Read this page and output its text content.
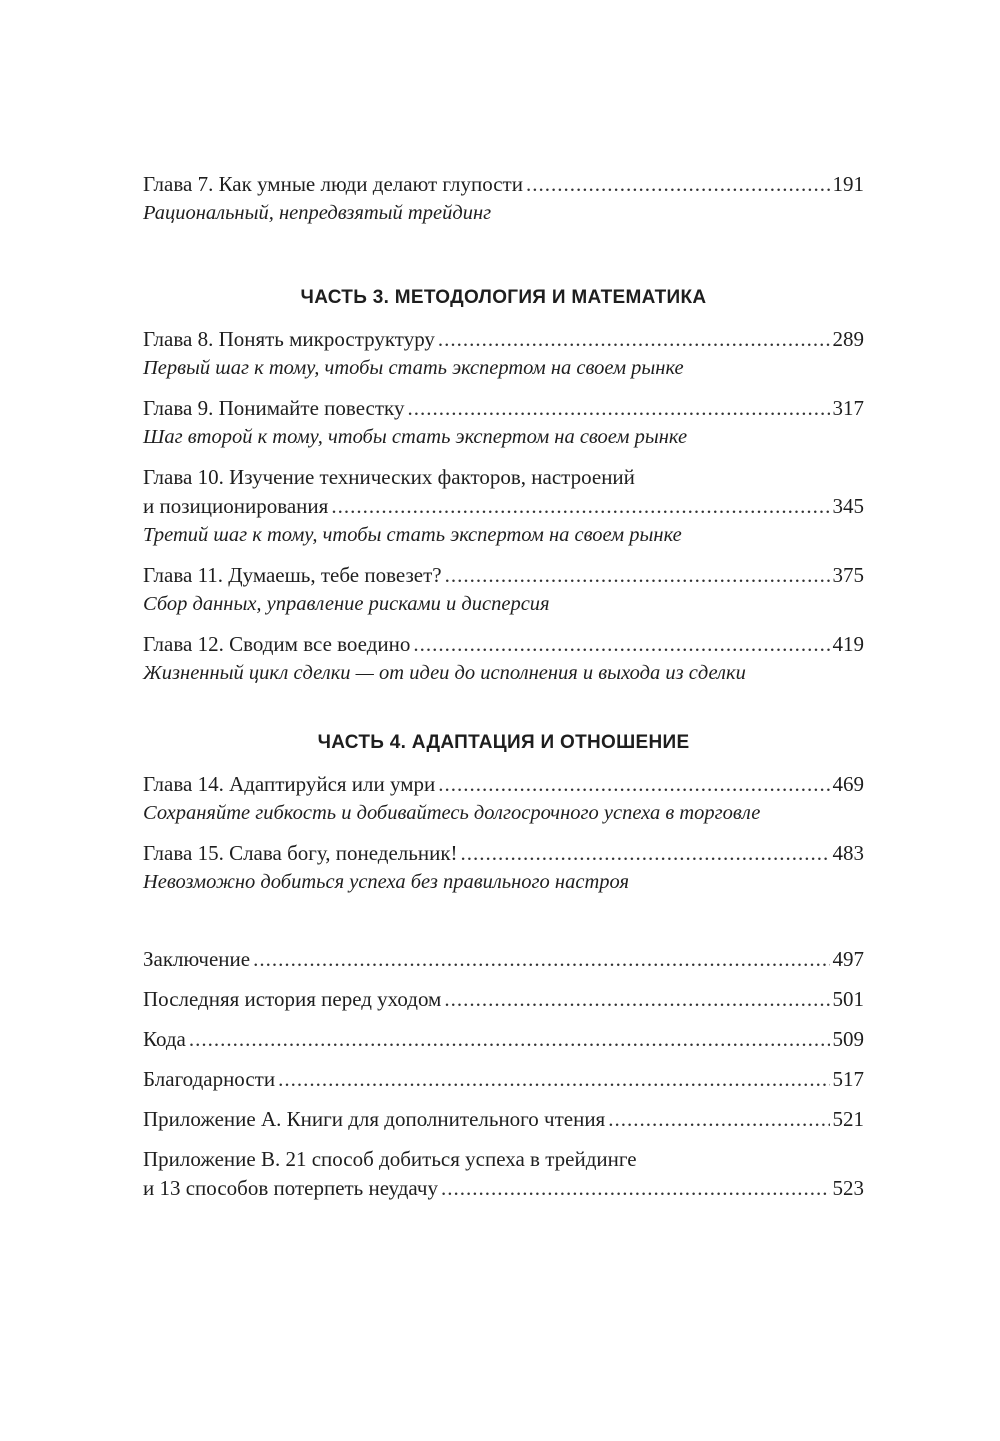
Глава 7. Как умные люди делают глупости .....	191
Рациональный, непредвзятый трейдинг
ЧАСТЬ 3. МЕТОДОЛОГИЯ И МАТЕМАТИКА
Глава 8. Понять микроструктуру .....	289
Первый шаг к тому, чтобы стать экспертом на своем рынке
Глава 9. Понимайте повестку .....	317
Шаг второй к тому, чтобы стать экспертом на своем рынке
Глава 10. Изучение технических факторов, настроений
и позиционирования .....	345
Третий шаг к тому, чтобы стать экспертом на своем рынке
Глава 11. Думаешь, тебе повезет? .....	375
Сбор данных, управление рисками и дисперсия
Глава 12. Сводим все воедино .....	419
Жизненный цикл сделки — от идеи до исполнения и выхода из сделки
ЧАСТЬ 4. АДАПТАЦИЯ И ОТНОШЕНИЕ
Глава 14. Адаптируйся или умри .....	469
Сохраняйте гибкость и добивайтесь долгосрочного успеха в торговле
Глава 15. Слава богу, понедельник! .....	483
Невозможно добиться успеха без правильного настроя
Заключение .....	497
Последняя история перед уходом .....	501
Кода .....	509
Благодарности .....	517
Приложение А. Книги для дополнительного чтения .....	521
Приложение В. 21 способ добиться успеха в трейдинге
и 13 способов потерпеть неудачу .....	523
